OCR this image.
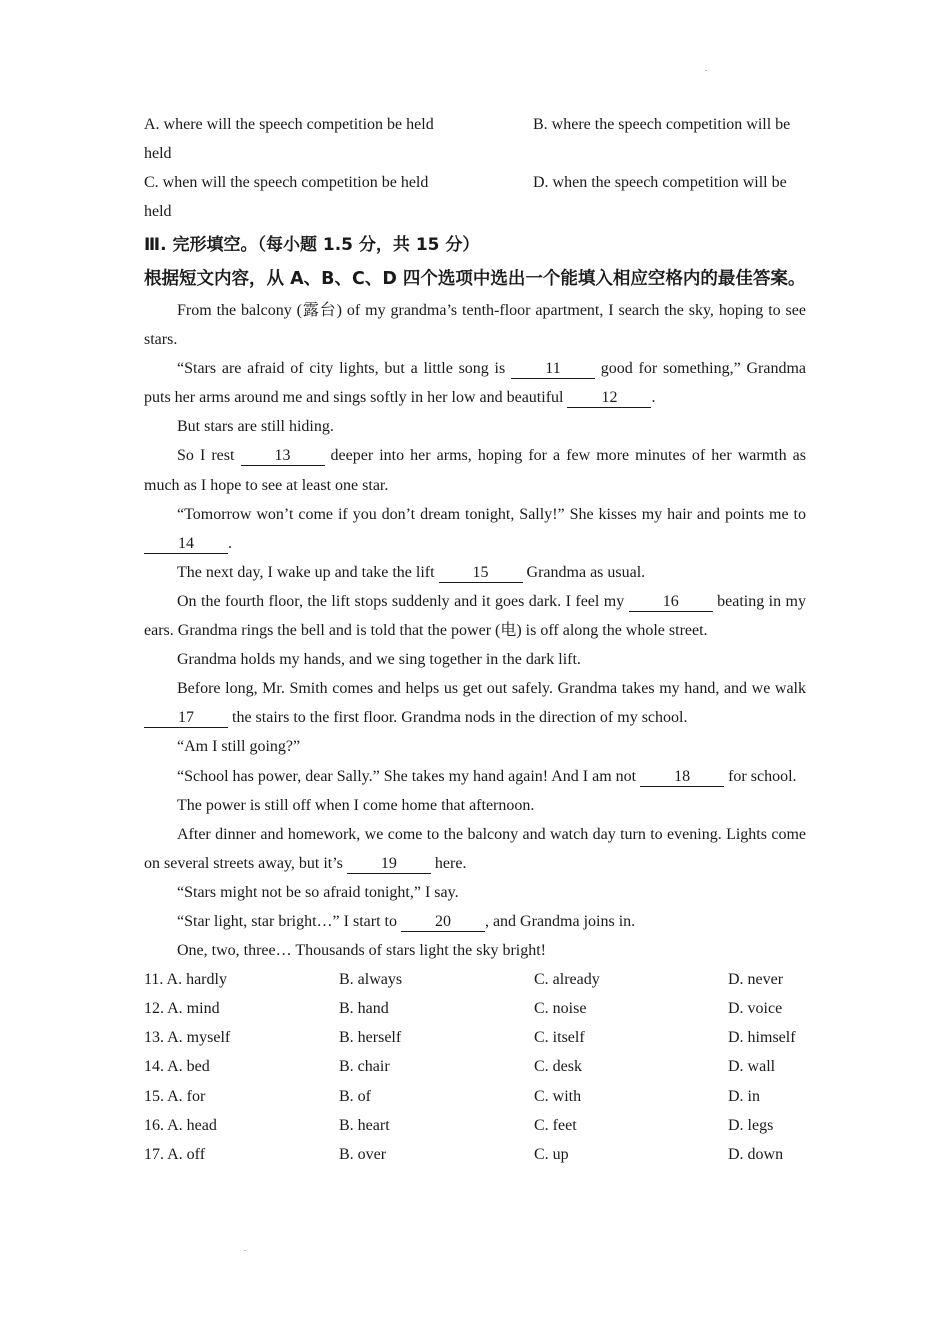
A. where will the speech competition be held	B. where the speech competition will be
held
C. when will the speech competition be held	D. when the speech competition will be
held
Ⅲ. 完形填空。（每小题 1.5 分，共 15 分）
根据短文内容，从 A、B、C、D 四个选项中选出一个能填入相应空格内的最佳答案。
From the balcony (露台) of my grandma’s tenth-floor apartment, I search the sky, hoping to see stars.
“Stars are afraid of city lights, but a little song is 11 good for something,” Grandma puts her arms around me and sings softly in her low and beautiful 12 .
But stars are still hiding.
So I rest 13 deeper into her arms, hoping for a few more minutes of her warmth as much as I hope to see at least one star.
“Tomorrow won’t come if you don’t dream tonight, Sally!” She kisses my hair and points me to 14 .
The next day, I wake up and take the lift 15 Grandma as usual.
On the fourth floor, the lift stops suddenly and it goes dark. I feel my 16 beating in my ears. Grandma rings the bell and is told that the power (电) is off along the whole street.
Grandma holds my hands, and we sing together in the dark lift.
Before long, Mr. Smith comes and helps us get out safely. Grandma takes my hand, and we walk 17 the stairs to the first floor. Grandma nods in the direction of my school.
“Am I still going?”
“School has power, dear Sally.” She takes my hand again! And I am not 18 for school.
The power is still off when I come home that afternoon.
After dinner and homework, we come to the balcony and watch day turn to evening. Lights come on several streets away, but it’s 19 here.
“Stars might not be so afraid tonight,” I say.
“Star light, star bright…” I start to 20 , and Grandma joins in.
One, two, three… Thousands of stars light the sky bright!
11. A. hardly	B. always	C. already	D. never
12. A. mind	B. hand	C. noise	D. voice
13. A. myself	B. herself	C. itself	D. himself
14. A. bed	B. chair	C. desk	D. wall
15. A. for	B. of	C. with	D. in
16. A. head	B. heart	C. feet	D. legs
17. A. off	B. over	C. up	D. down
